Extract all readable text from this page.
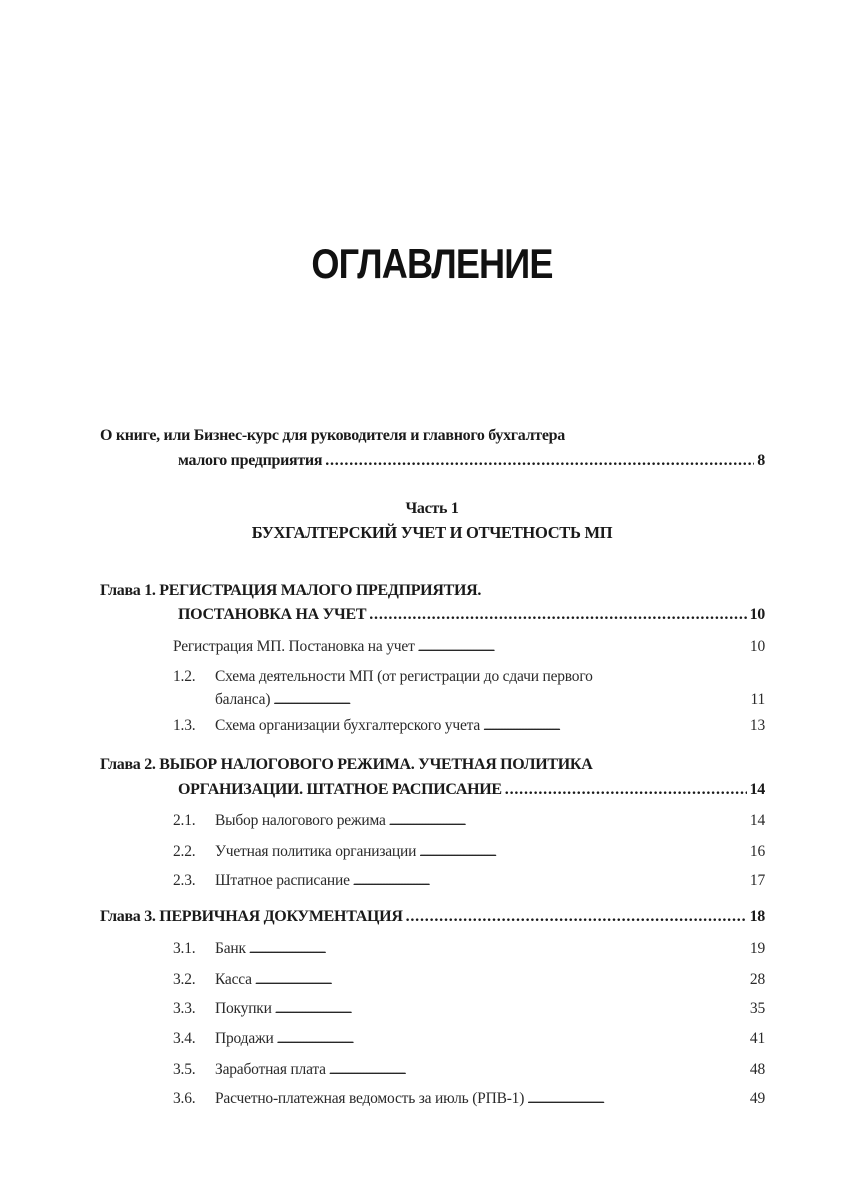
ОГЛАВЛЕНИЕ
О книге, или Бизнес-курс для руководителя и главного бухгалтера
малого предприятия . . .	8
Часть 1
БУХГАЛТЕРСКИЙ УЧЕТ И ОТЧЕТНОСТЬ МП
Глава 1. РЕГИСТРАЦИЯ МАЛОГО ПРЕДПРИЯТИЯ.
ПОСТАНОВКА НА УЧЕТ . . .	10
Регистрация МП. Постановка на учет . . .	10
1.2.	Схема деятельности МП (от регистрации до сдачи первого
баланса) . . .	11
1.3.	Схема организации бухгалтерского учета . . .	13
Глава 2. ВЫБОР НАЛОГОВОГО РЕЖИМА. УЧЕТНАЯ ПОЛИТИКА
ОРГАНИЗАЦИИ. ШТАТНОЕ РАСПИСАНИЕ . . .	14
2.1.	Выбор налогового режима . . .	14
2.2.	Учетная политика организации . . .	16
2.3.	Штатное расписание . . .	17
Глава 3. ПЕРВИЧНАЯ ДОКУМЕНТАЦИЯ . . .	18
3.1.	Банк . . .	19
3.2.	Касса . . .	28
3.3.	Покупки . . .	35
3.4.	Продажи . . .	41
3.5.	Заработная плата . . .	48
3.6.	Расчетно-платежная ведомость за июль (РПВ-1) . . .	49
